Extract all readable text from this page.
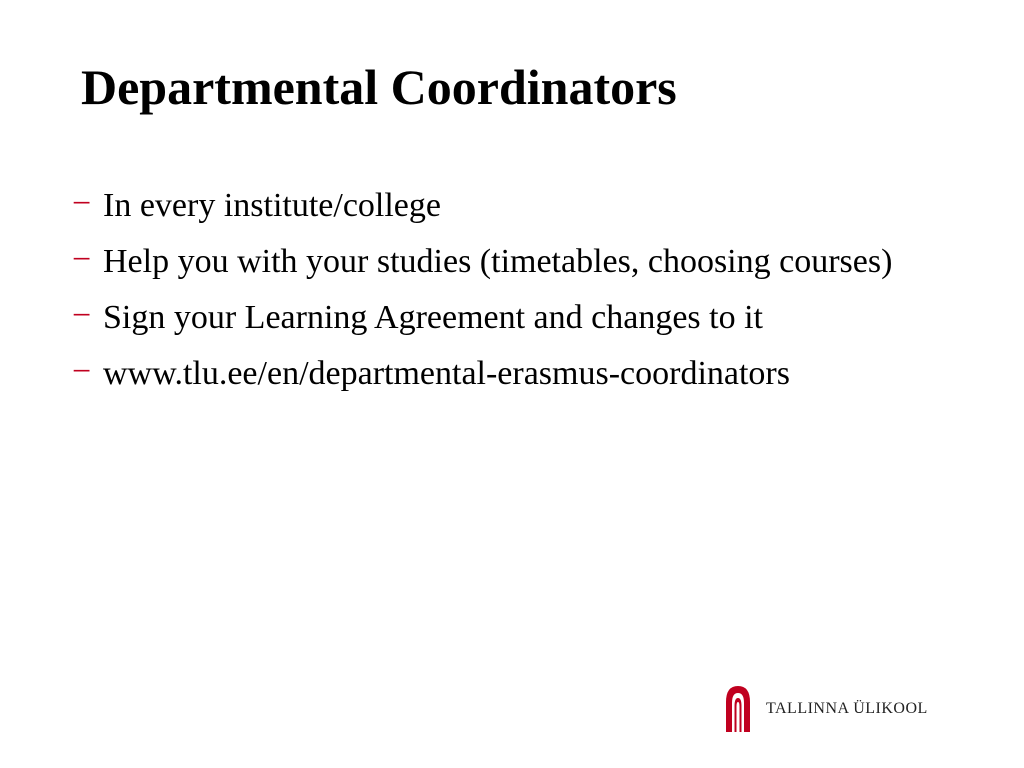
Departmental Coordinators
− In every institute/college
− Help you with your studies (timetables, choosing courses)
− Sign your Learning Agreement and changes to it
− www.tlu.ee/en/departmental-erasmus-coordinators
TALLINNA ÜLIKOOL
